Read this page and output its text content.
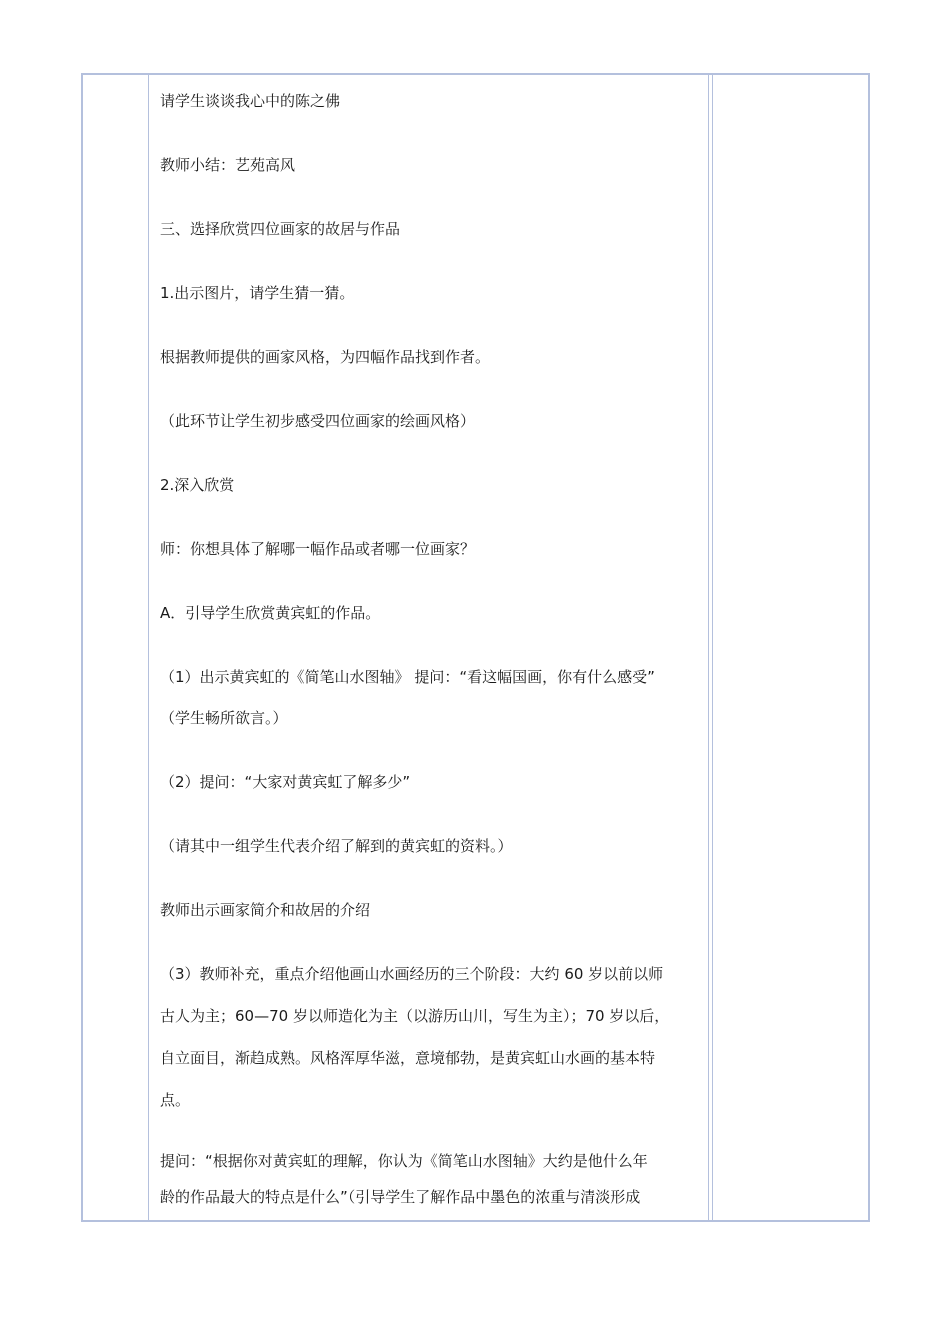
请学生谈谈我心中的陈之佛
教师小结：艺苑高风
三、选择欣赏四位画家的故居与作品
1.出示图片，请学生猜一猜。
根据教师提供的画家风格，为四幅作品找到作者。
（此环节让学生初步感受四位画家的绘画风格）
2.深入欣赏
师：你想具体了解哪一幅作品或者哪一位画家？
A．引导学生欣赏黄宾虹的作品。
（1）出示黄宾虹的《简笔山水图轴》 提问：“看这幅国画，你有什么感受”
（学生畅所欲言。）
（2）提问：“大家对黄宾虹了解多少”
（请其中一组学生代表介绍了解到的黄宾虹的资料。）
教师出示画家简介和故居的介绍
（3）教师补充，重点介绍他画山水画经历的三个阶段：大约 60 岁以前以师
古人为主；60—70 岁以师造化为主（以游历山川，写生为主）；70 岁以后，
自立面目，渐趋成熟。风格浑厚华滋，意境郁勃，是黄宾虹山水画的基本特
点。
提问：“根据你对黄宾虹的理解，你认为《简笔山水图轴》大约是他什么年
龄的作品最大的特点是什么”（引导学生了解作品中墨色的浓重与清淡形成
